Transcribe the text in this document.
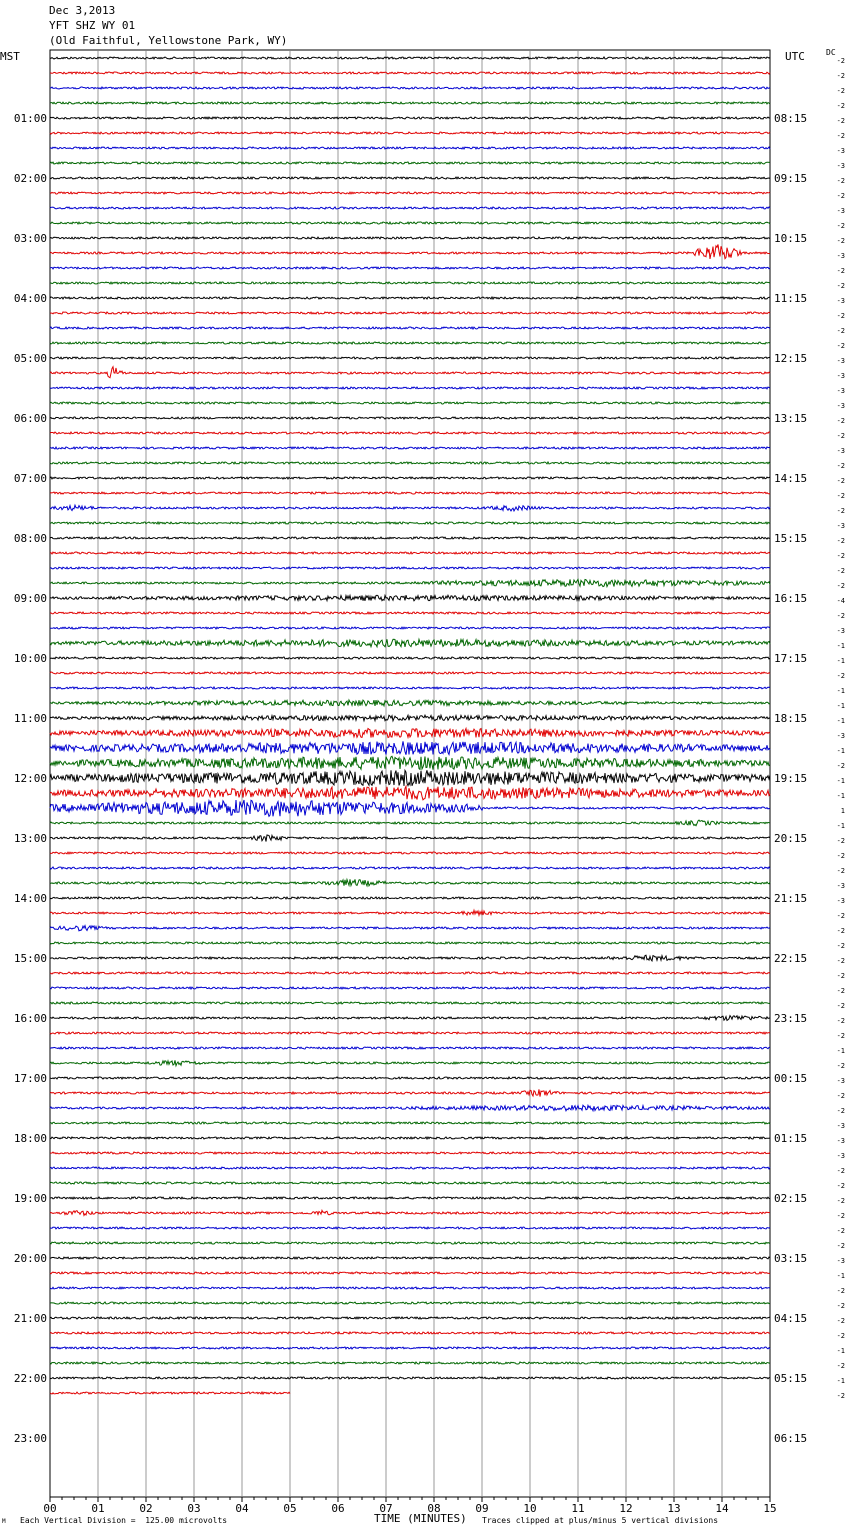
Dec 3,2013
YFT SHZ WY 01
(Old Faithful, Yellowstone Park, WY)
MST	UTC	DC
00	01	02	03	04	05	06	07	08	09	10	11	12	13	14	15
-2
-2
-2
-2
-2
-2
-3
-3
-2
-2
-3
-2
-2
-3
-2
-2
-3
-2
-2
-2
-3
-3
-3
-3
-2
-2
-3
-2
-2
-2
-2
-3
-2
-2
-2
-2
-4
-2
-3
-1
-1
-2
-1
-1
-1
-3
-1
-2
-1
-1
1
-1
-2
-2
-2
-3
-3
-2
-2
-2
-2
-2
-2
-2
-2
-2
-1
-2
-3
-2
-2
-3
-3
-3
-2
-2
-2
-2
-2
-2
-3
-1
-2
-2
-2
-2
-1
-2
-1
-2
01:00	08:15
02:00	09:15
03:00	10:15
04:00	11:15
05:00	12:15
06:00	13:15
07:00	14:15
08:00	15:15
09:00	16:15
10:00	17:15
11:00	18:15
12:00	19:15
13:00	20:15
14:00	21:15
15:00	22:15
16:00	23:15
17:00	00:15
18:00	01:15
19:00	02:15
20:00	03:15
21:00	04:15
22:00	05:15
23:00	06:15
M Each Vertical Division =  125.00 microvolts	TIME (MINUTES) Traces clipped at plus/minus 5 vertical divisions
